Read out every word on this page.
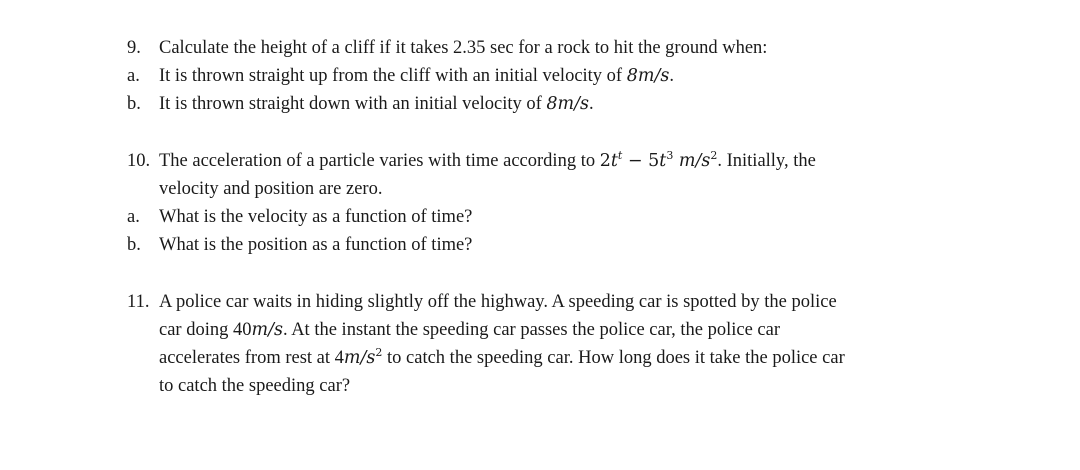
9. Calculate the height of a cliff if it takes 2.35 sec for a rock to hit the ground when:
a. It is thrown straight up from the cliff with an initial velocity of 8m/s.
b. It is thrown straight down with an initial velocity of 8m/s.
10. The acceleration of a particle varies with time according to $2t^t - 5t^3$ $m/s^2$. Initially, the
velocity and position are zero.
a. What is the velocity as a function of time?
b. What is the position as a function of time?
11. A police car waits in hiding slightly off the highway. A speeding car is spotted by the police
car doing 40m/s. At the instant the speeding car passes the police car, the police car
accelerates from rest at $4m/s^2$ to catch the speeding car. How long does it take the police car
to catch the speeding car?
